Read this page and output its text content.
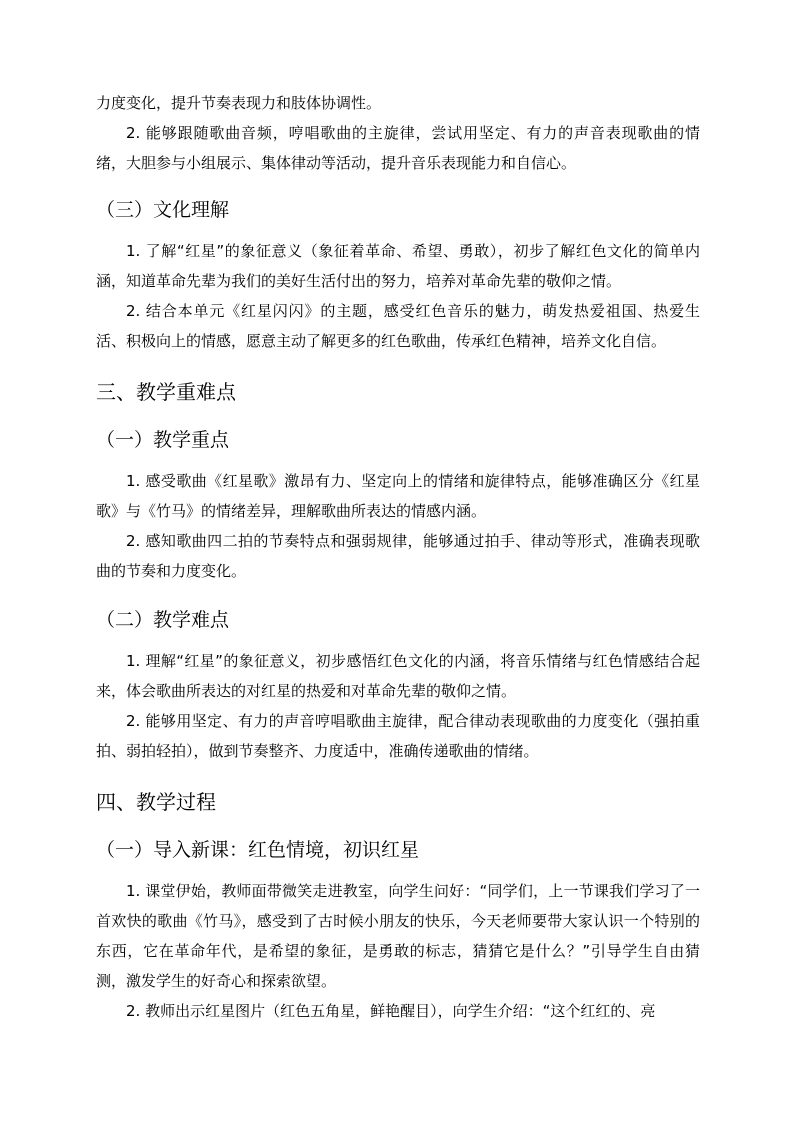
力度变化，提升节奏表现力和肢体协调性。

2. 能够跟随歌曲音频，哼唱歌曲的主旋律，尝试用坚定、有力的声音表现歌曲的情绪，大胆参与小组展示、集体律动等活动，提升音乐表现能力和自信心。

（三）文化理解

1. 了解“红星”的象征意义（象征着革命、希望、勇敢），初步了解红色文化的简单内涵，知道革命先辈为我们的美好生活付出的努力，培养对革命先辈的敬仰之情。

2. 结合本单元《红星闪闪》的主题，感受红色音乐的魅力，萌发热爱祖国、热爱生活、积极向上的情感，愿意主动了解更多的红色歌曲，传承红色精神，培养文化自信。

三、教学重难点
（一）教学重点

1. 感受歌曲《红星歌》激昂有力、坚定向上的情绪和旋律特点，能够准确区分《红星歌》与《竹马》的情绪差异，理解歌曲所表达的情感内涵。

2. 感知歌曲四二拍的节奏特点和强弱规律，能够通过拍手、律动等形式，准确表现歌曲的节奏和力度变化。

（二）教学难点

1. 理解“红星”的象征意义，初步感悟红色文化的内涵，将音乐情绪与红色情感结合起来，体会歌曲所表达的对红星的热爱和对革命先辈的敬仰之情。

2. 能够用坚定、有力的声音哼唱歌曲主旋律，配合律动表现歌曲的力度变化（强拍重拍、弱拍轻拍），做到节奏整齐、力度适中，准确传递歌曲的情绪。

四、教学过程
（一）导入新课：红色情境，初识红星

1. 课堂伊始，教师面带微笑走进教室，向学生问好：“同学们，上一节课我们学习了一首欢快的歌曲《竹马》，感受到了古时候小朋友的快乐，今天老师要带大家认识一个特别的东西，它在革命年代，是希望的象征，是勇敢的标志，猜猜它是什么？”引导学生自由猜测，激发学生的好奇心和探索欲望。

2. 教师出示红星图片（红色五角星，鲜艳醒目），向学生介绍：“这个红红的、亮
